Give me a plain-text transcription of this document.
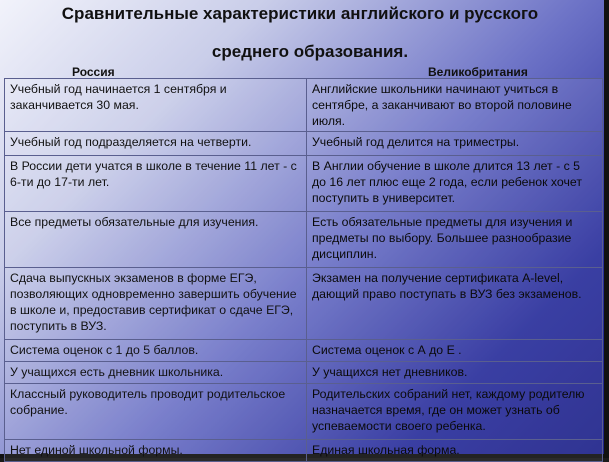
Сравнительные характеристики английского и русского
среднего образования.
Россия	Великобритания
Учебный год начинается 1 сентября и заканчивается 30 мая.	Английские школьники начинают учиться в сентябре, а заканчивают во второй половине июля.
Учебный год подразделяется на четверти.	Учебный год делится на триместры.
В России дети учатся в школе в течение 11 лет - с 6-ти до 17-ти лет.	В Англии обучение в школе длится 13 лет - с 5 до 16 лет плюс еще 2 года, если ребенок хочет поступить в университет.
Все предметы обязательные для изучения.	Есть обязательные предметы для изучения и предметы по выбору. Большее разнообразие дисциплин.
Сдача выпускных экзаменов в форме ЕГЭ, позволяющих одновременно завершить обучение в школе и, предоставив сертификат о сдаче ЕГЭ, поступить в ВУЗ.	Экзамен на получение сертификата A-level, дающий право поступать в ВУЗ без экзаменов.
Система оценок с 1 до 5 баллов.	Система оценок с А до Е .
У учащихся есть дневник школьника.	У учащихся нет дневников.
Классный руководитель проводит родительское собрание.	Родительских собраний нет, каждому родителю назначается время, где он может узнать об успеваемости своего ребенка.
Нет единой школьной формы.	Единая школьная форма.
